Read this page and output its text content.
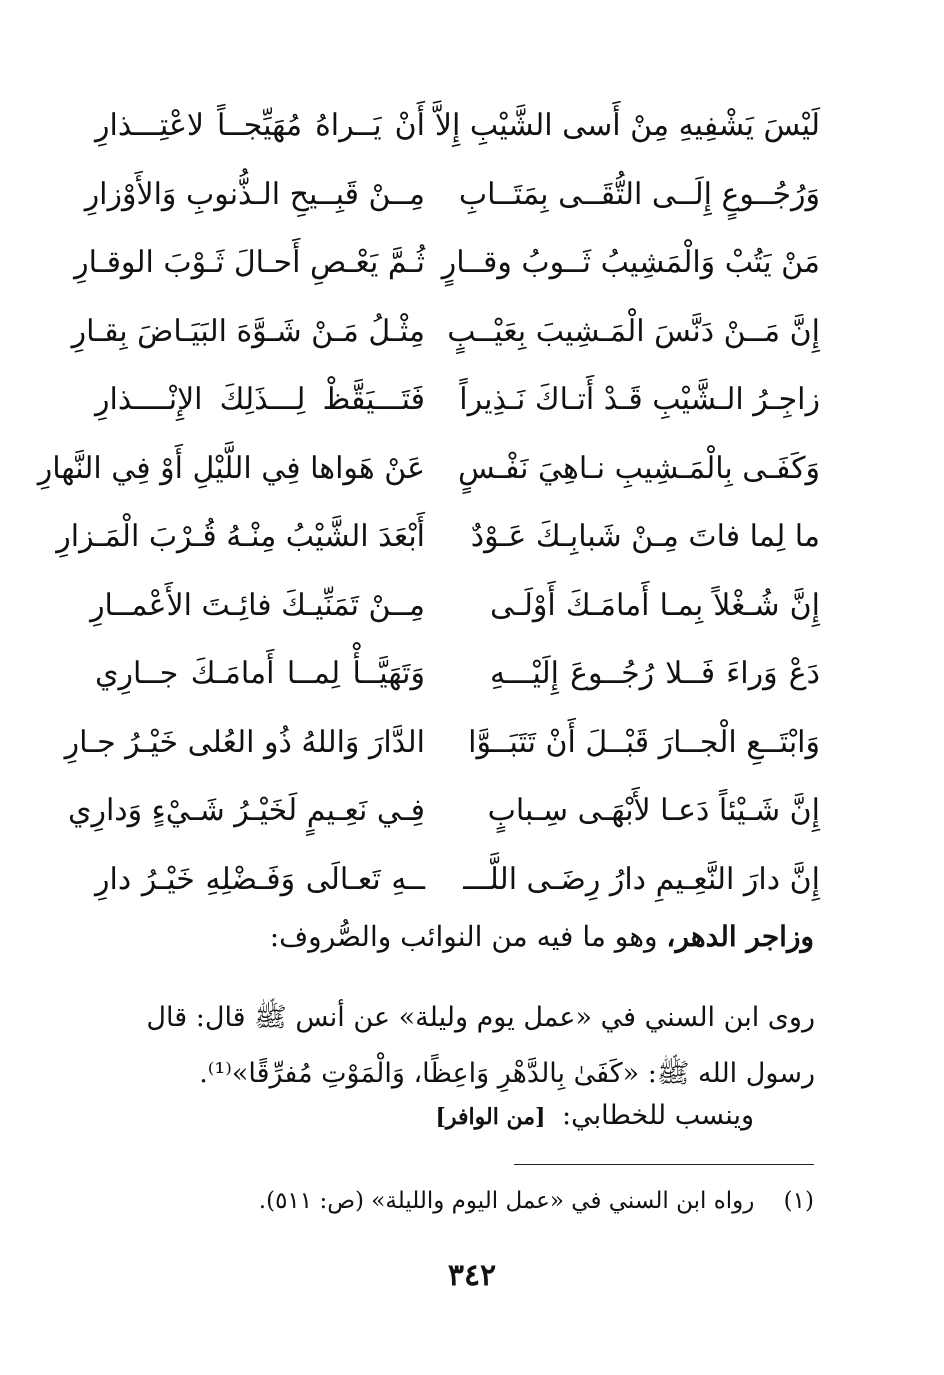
لَيْسَ يَشْفِيهِ مِنْ أَسى الشَّيْبِ إِلاَّ
أَنْ يَــراهُ مُهَيِّجــاً لاعْتِـــذارِ
وَرُجُــوعٍ إِلَــى التُّقَــى بِمَتَــابِ
مِــنْ قَبِــيحِ الـذُّنوبِ وَالأَوْزارِ
مَنْ يَتُبْ وَالْمَشِيبُ ثَــوبُ وقــارٍ
ثُـمَّ يَعْـصِ أَحـالَ ثَـوْبَ الوقـارِ
إِنَّ مَــنْ دَنَّسَ الْمَـشِيبَ بِعَيْــبٍ
مِثْـلُ مَـنْ شَـوَّهَ البَيَـاضَ بِقـارِ
زاجِـرُ الـشَّيْبِ قَـدْ أَتـاكَ نَـذِيراً
فَتَـــيَقَّظْ لِـــذَلِكَ الإِنْــــذارِ
وَكَفَـى بِالْمَـشِيبِ نـاهِيَ نَفْـسٍ
عَنْ هَواها فِي اللَّيْلِ أَوْ فِي النَّهارِ
ما لِما فاتَ مِـنْ شَبابِـكَ عَـوْدٌ
أَبْعَدَ الشَّيْبُ مِنْـهُ قُـرْبَ الْمَـزارِ
إِنَّ شُـغْلاً بِمـا أَمامَـكَ أَوْلَـى
مِــنْ تَمَنِّيـكَ فائِـتَ الأَعْمــارِ
دَعْ وَراءَ فَــلا رُجُــوعَ إِلَيْـــهِ
وَتَهَيَّــأْ لِمــا أَمامَـكَ جــارِي
وَابْتَــعِ الْجــارَ قَبْــلَ أَنْ تَتَبَــوَّا
الدَّارَ وَاللهُ ذُو العُلى خَيْـرُ جـارِ
إِنَّ شَـيْئاً دَعـا لأَبْهَـى سِـبابٍ
فِـي نَعِـيمٍ لَخَيْـرُ شَـيْءٍ وَدارِي
إِنَّ دارَ النَّعِـيمِ دارُ رِضَـى اللَّـــ
ــهِ تَعـالَى وَفَـضْلِهِ خَيْـرُ دارِ
وزاجر الدهر، وهو ما فيه من النوائب والصُّروف:
روى ابن السني في «عمل يوم وليلة» عن أنس ﷺ قال: قال
رسول الله ﷺ: «كَفَىٰ بِالدَّهْرِ وَاعِظًا، وَالْمَوْتِ مُفرِّقًا»⁽¹⁾.
وينسب للخطابي: [من الوافر]
(١) رواه ابن السني في «عمل اليوم والليلة» (ص: ٥١١).
٣٤٢
